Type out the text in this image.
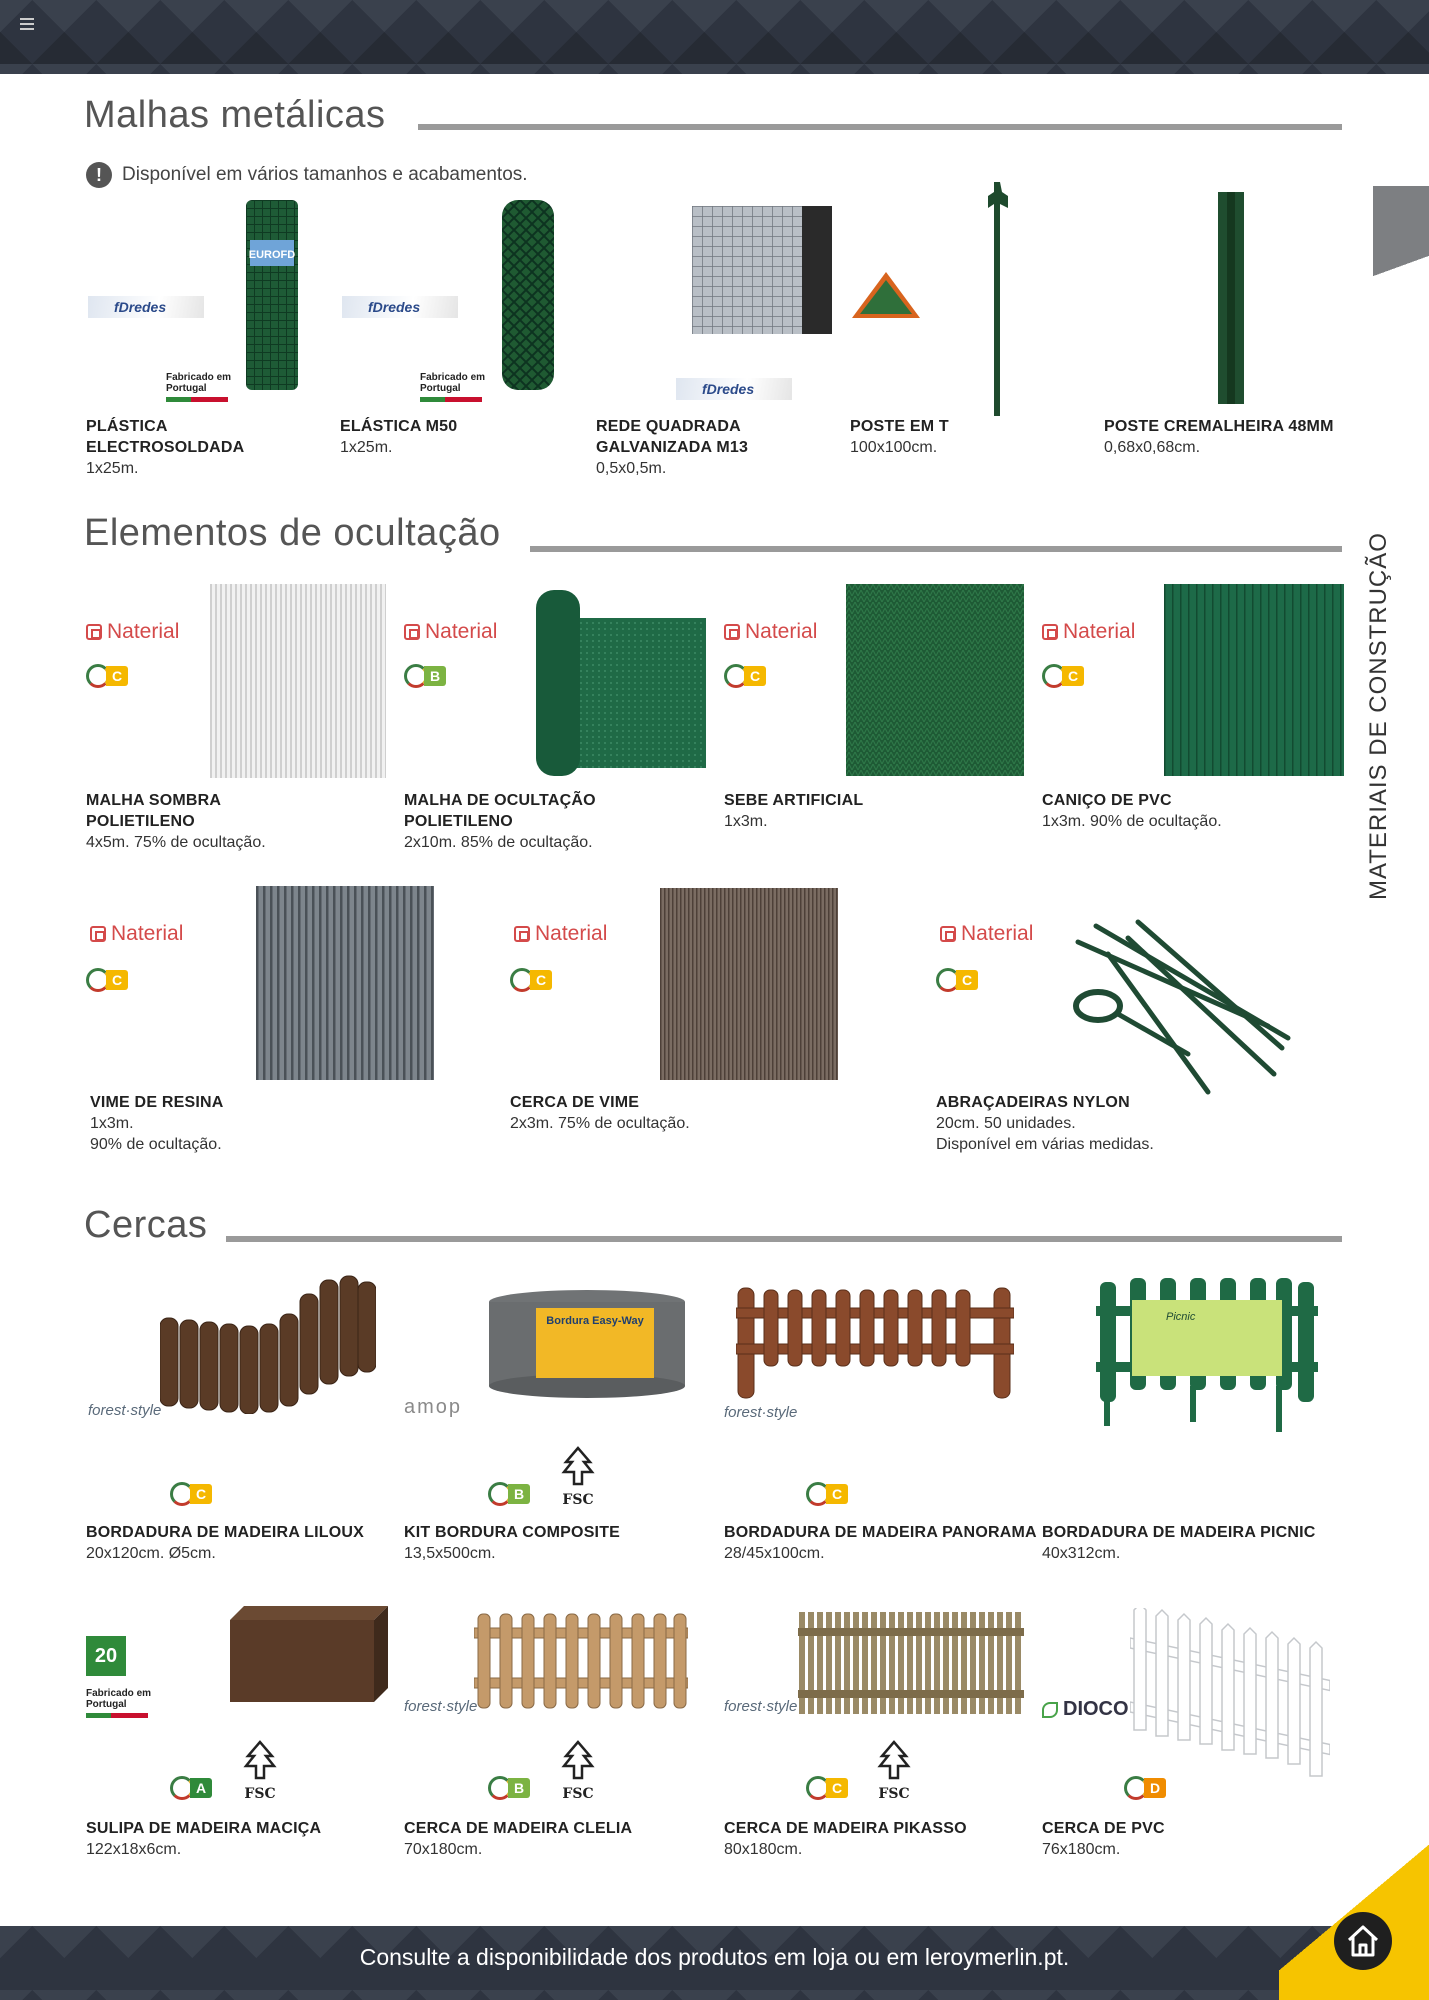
MATERIAIS DE CONSTRUÇÃO
Malhas metálicas
!	Disponível em vários tamanhos e acabamentos.
fDredes
EUROFD
Fabricado em Portugal
PLÁSTICA ELECTROSOLDADA
1x25m.
fDredes
Fabricado em Portugal
ELÁSTICA M50
1x25m.
fDredes
REDE QUADRADA GALVANIZADA M13
0,5x0,5m.
POSTE EM T
100x100cm.
POSTE CREMALHEIRA 48MM
0,68x0,68cm.
Elementos de ocultação
Naterial
C
MALHA SOMBRA POLIETILENO
4x5m. 75% de ocultação.
Naterial
B
MALHA DE OCULTAÇÃO POLIETILENO
2x10m. 85% de ocultação.
Naterial
C
SEBE ARTIFICIAL
1x3m.
Naterial
C
CANIÇO DE PVC
1x3m. 90% de ocultação.
Naterial
C
VIME DE RESINA
1x3m.
90% de ocultação.
Naterial
C
CERCA DE VIME
2x3m. 75% de ocultação.
Naterial
C
ABRAÇADEIRAS NYLON
20cm. 50 unidades.
Disponível em várias medidas.
Cercas
forest·style
C
BORDADURA DE MADEIRA LILOUX
20x120cm. Ø5cm.
amop
Bordura Easy-Way
B	FSC
KIT BORDURA COMPOSITE
13,5x500cm.
forest·style
C
BORDADURA DE MADEIRA PANORAMA
28/45x100cm.
Picnic
BORDADURA DE MADEIRA PICNIC
40x312cm.
20
Fabricado em Portugal
A	FSC
SULIPA DE MADEIRA MACIÇA
122x18x6cm.
forest·style
B	FSC
CERCA DE MADEIRA CLELIA
70x180cm.
forest·style
C	FSC
CERCA DE MADEIRA PIKASSO
80x180cm.
DIOCO
D
CERCA DE PVC
76x180cm.
Consulte a disponibilidade dos produtos em loja ou em leroymerlin.pt.
